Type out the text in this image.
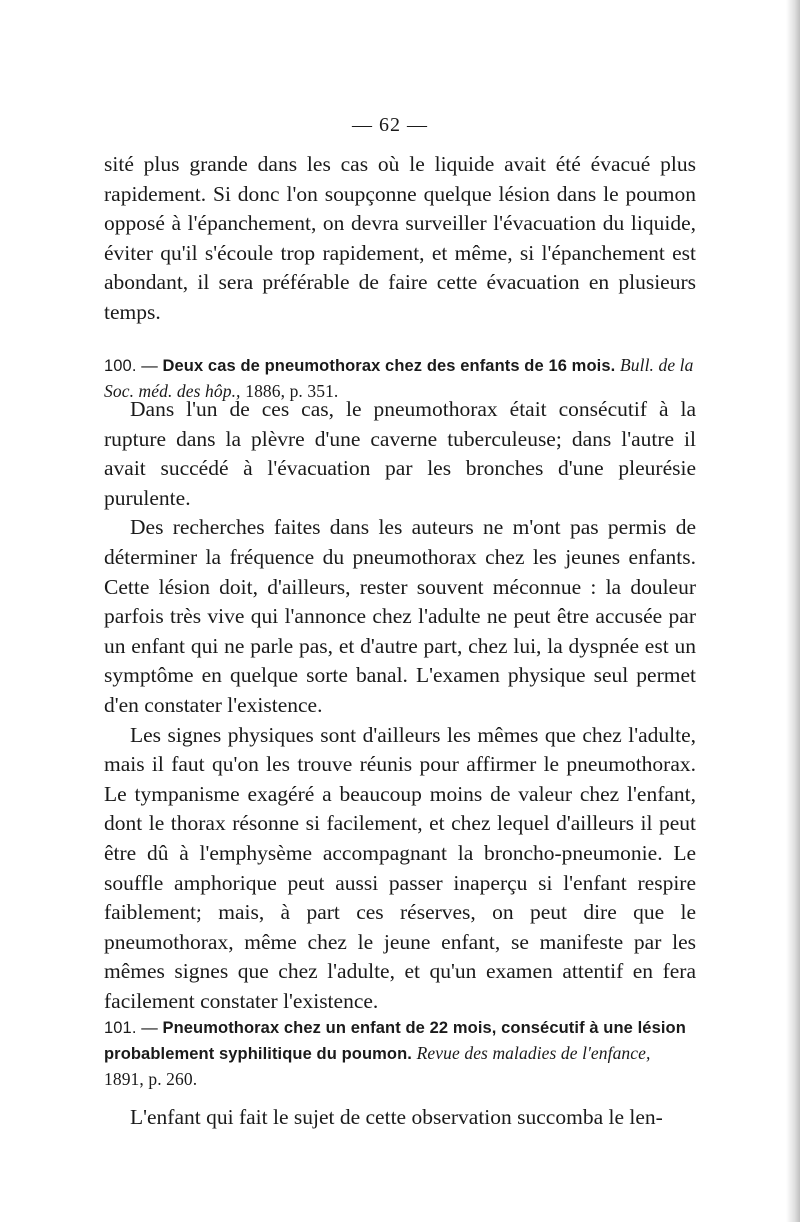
— 62 —

sité plus grande dans les cas où le liquide avait été évacué plus rapidement. Si donc l'on soupçonne quelque lésion dans le poumon opposé à l'épanchement, on devra surveiller l'évacuation du liquide, éviter qu'il s'écoule trop rapidement, et même, si l'épanchement est abondant, il sera préférable de faire cette évacuation en plusieurs temps.

100. — Deux cas de pneumothorax chez des enfants de 16 mois. Bull. de la Soc. méd. des hôp., 1886, p. 351.

Dans l'un de ces cas, le pneumothorax était consécutif à la rupture dans la plèvre d'une caverne tuberculeuse; dans l'autre il avait succédé à l'évacuation par les bronches d'une pleurésie purulente.

Des recherches faites dans les auteurs ne m'ont pas permis de déterminer la fréquence du pneumothorax chez les jeunes enfants. Cette lésion doit, d'ailleurs, rester souvent méconnue : la douleur parfois très vive qui l'annonce chez l'adulte ne peut être accusée par un enfant qui ne parle pas, et d'autre part, chez lui, la dyspnée est un symptôme en quelque sorte banal. L'examen physique seul permet d'en constater l'existence.

Les signes physiques sont d'ailleurs les mêmes que chez l'adulte, mais il faut qu'on les trouve réunis pour affirmer le pneumothorax. Le tympanisme exagéré a beaucoup moins de valeur chez l'enfant, dont le thorax résonne si facilement, et chez lequel d'ailleurs il peut être dû à l'emphysème accompagnant la broncho-pneumonie. Le souffle amphorique peut aussi passer inaperçu si l'enfant respire faiblement; mais, à part ces réserves, on peut dire que le pneumothorax, même chez le jeune enfant, se manifeste par les mêmes signes que chez l'adulte, et qu'un examen attentif en fera facilement constater l'existence.

101. — Pneumothorax chez un enfant de 22 mois, consécutif à une lésion probablement syphilitique du poumon. Revue des maladies de l'enfance, 1891, p. 260.

L'enfant qui fait le sujet de cette observation succomba le len-
